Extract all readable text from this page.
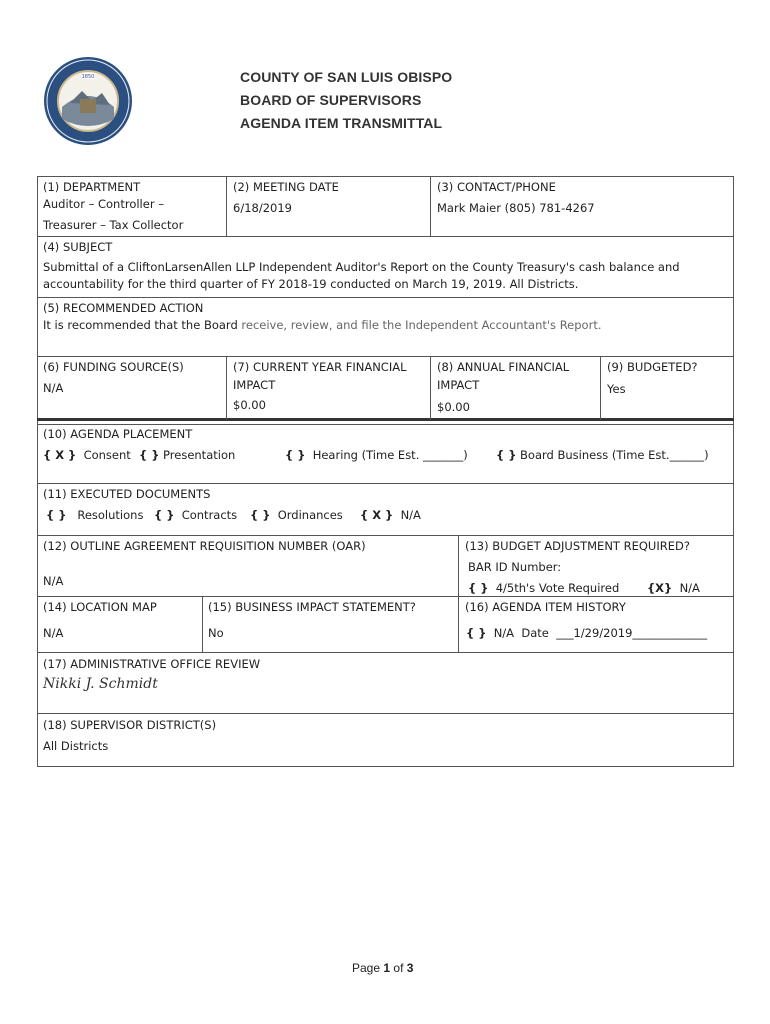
1850	COUNTY OF SAN LUIS OBISPO
BOARD OF SUPERVISORS
AGENDA ITEM TRANSMITTAL
(1) DEPARTMENT
Auditor – Controller –
Treasurer – Tax Collector
(2) MEETING DATE
6/18/2019
(3) CONTACT/PHONE
Mark Maier (805) 781-4267
(4) SUBJECT
Submittal of a CliftonLarsenAllen LLP Independent Auditor's Report on the County Treasury's cash balance and
accountability for the third quarter of FY 2018-19 conducted on March 19, 2019. All Districts.
(5) RECOMMENDED ACTION
It is recommended that the Board receive, review, and file the Independent Accountant's Report.
(6) FUNDING SOURCE(S)
N/A
(7) CURRENT YEAR FINANCIAL
IMPACT
$0.00
(8) ANNUAL FINANCIAL
IMPACT
$0.00
(9) BUDGETED?
Yes
(10) AGENDA PLACEMENT
{ X } Consent { } Presentation	{ } Hearing (Time Est. _______) { } Board Business (Time Est.______)
(11) EXECUTED DOCUMENTS
{ } Resolutions { } Contracts { } Ordinances { X } N/A
(12) OUTLINE AGREEMENT REQUISITION NUMBER (OAR)
N/A
(13) BUDGET ADJUSTMENT REQUIRED?
BAR ID Number:
{ } 4/5th's Vote Required {X} N/A
(14) LOCATION MAP
N/A
(15) BUSINESS IMPACT STATEMENT?
No
(16) AGENDA ITEM HISTORY
{ } N/A Date ___1/29/2019_____________
(17) ADMINISTRATIVE OFFICE REVIEW
Nikki J. Schmidt
(18) SUPERVISOR DISTRICT(S)
All Districts
Page 1 of 3
